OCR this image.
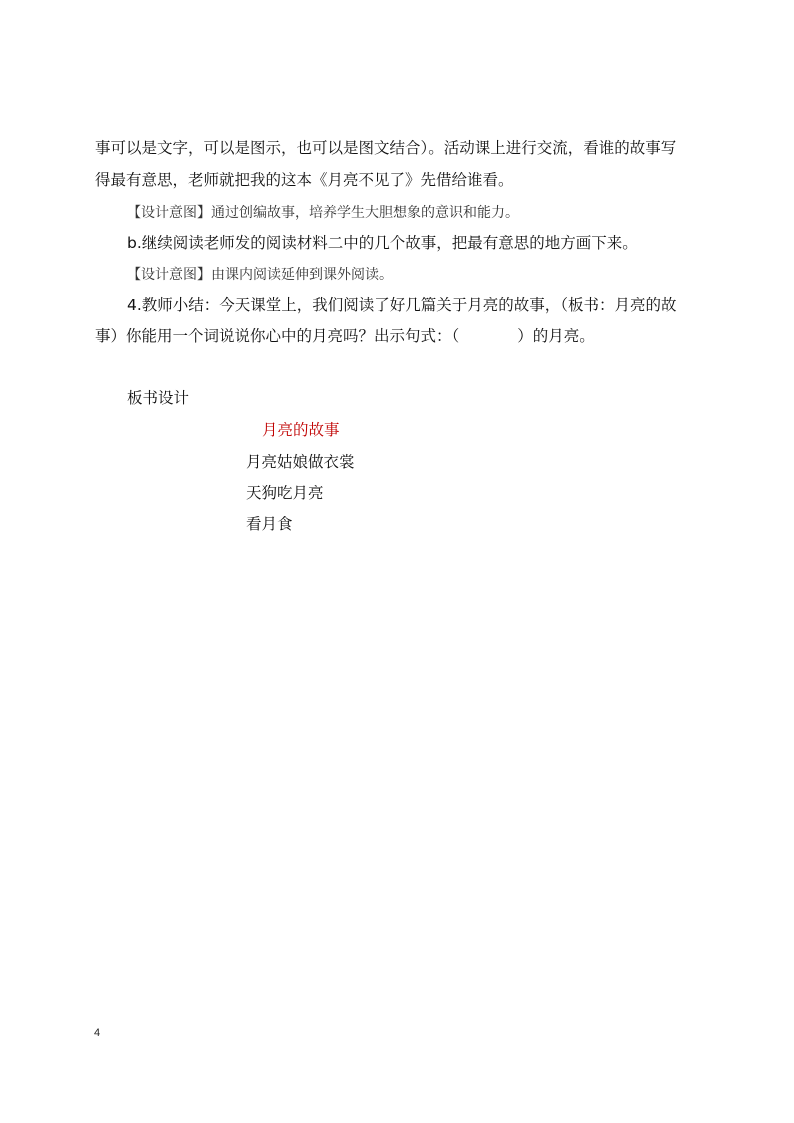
事可以是文字，可以是图示，也可以是图文结合）。活动课上进行交流，看谁的故事写
得最有意思，老师就把我的这本《月亮不见了》先借给谁看。
【设计意图】通过创编故事，培养学生大胆想象的意识和能力。
b.继续阅读老师发的阅读材料二中的几个故事，把最有意思的地方画下来。
【设计意图】由课内阅读延伸到课外阅读。
4.教师小结：今天课堂上，我们阅读了好几篇关于月亮的故事，（板书：月亮的故
事）你能用一个词说说你心中的月亮吗？出示句式：（	）的月亮。
板书设计
月亮的故事
月亮姑娘做衣裳
天狗吃月亮
看月食
4
